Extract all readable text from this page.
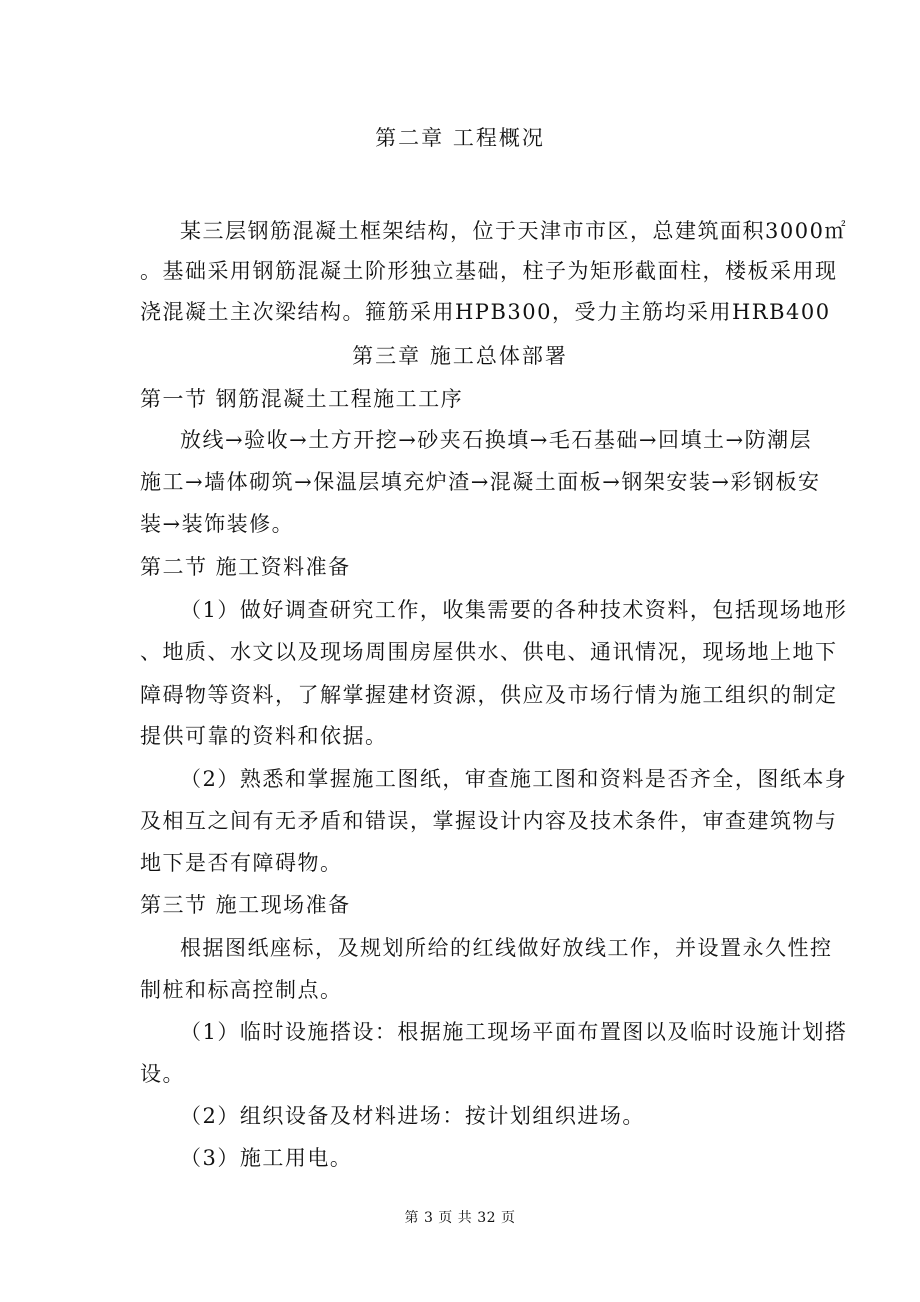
第二章 工程概况
某三层钢筋混凝土框架结构，位于天津市市区，总建筑面积3000㎡
。基础采用钢筋混凝土阶形独立基础，柱子为矩形截面柱，楼板采用现
浇混凝土主次梁结构。箍筋采用HPB300，受力主筋均采用HRB400
第三章 施工总体部署
第一节 钢筋混凝土工程施工工序
放线→验收→土方开挖→砂夹石换填→毛石基础→回填土→防潮层
施工→墙体砌筑→保温层填充炉渣→混凝土面板→钢架安装→彩钢板安
装→装饰装修。
第二节 施工资料准备
（1）做好调查研究工作，收集需要的各种技术资料，包括现场地形
、地质、水文以及现场周围房屋供水、供电、通讯情况，现场地上地下
障碍物等资料，了解掌握建材资源，供应及市场行情为施工组织的制定
提供可靠的资料和依据。
（2）熟悉和掌握施工图纸，审查施工图和资料是否齐全，图纸本身
及相互之间有无矛盾和错误，掌握设计内容及技术条件，审查建筑物与
地下是否有障碍物。
第三节 施工现场准备
根据图纸座标，及规划所给的红线做好放线工作，并设置永久性控
制桩和标高控制点。
（1）临时设施搭设：根据施工现场平面布置图以及临时设施计划搭
设。
（2）组织设备及材料进场：按计划组织进场。
（3）施工用电。
第 3 页 共 32 页
